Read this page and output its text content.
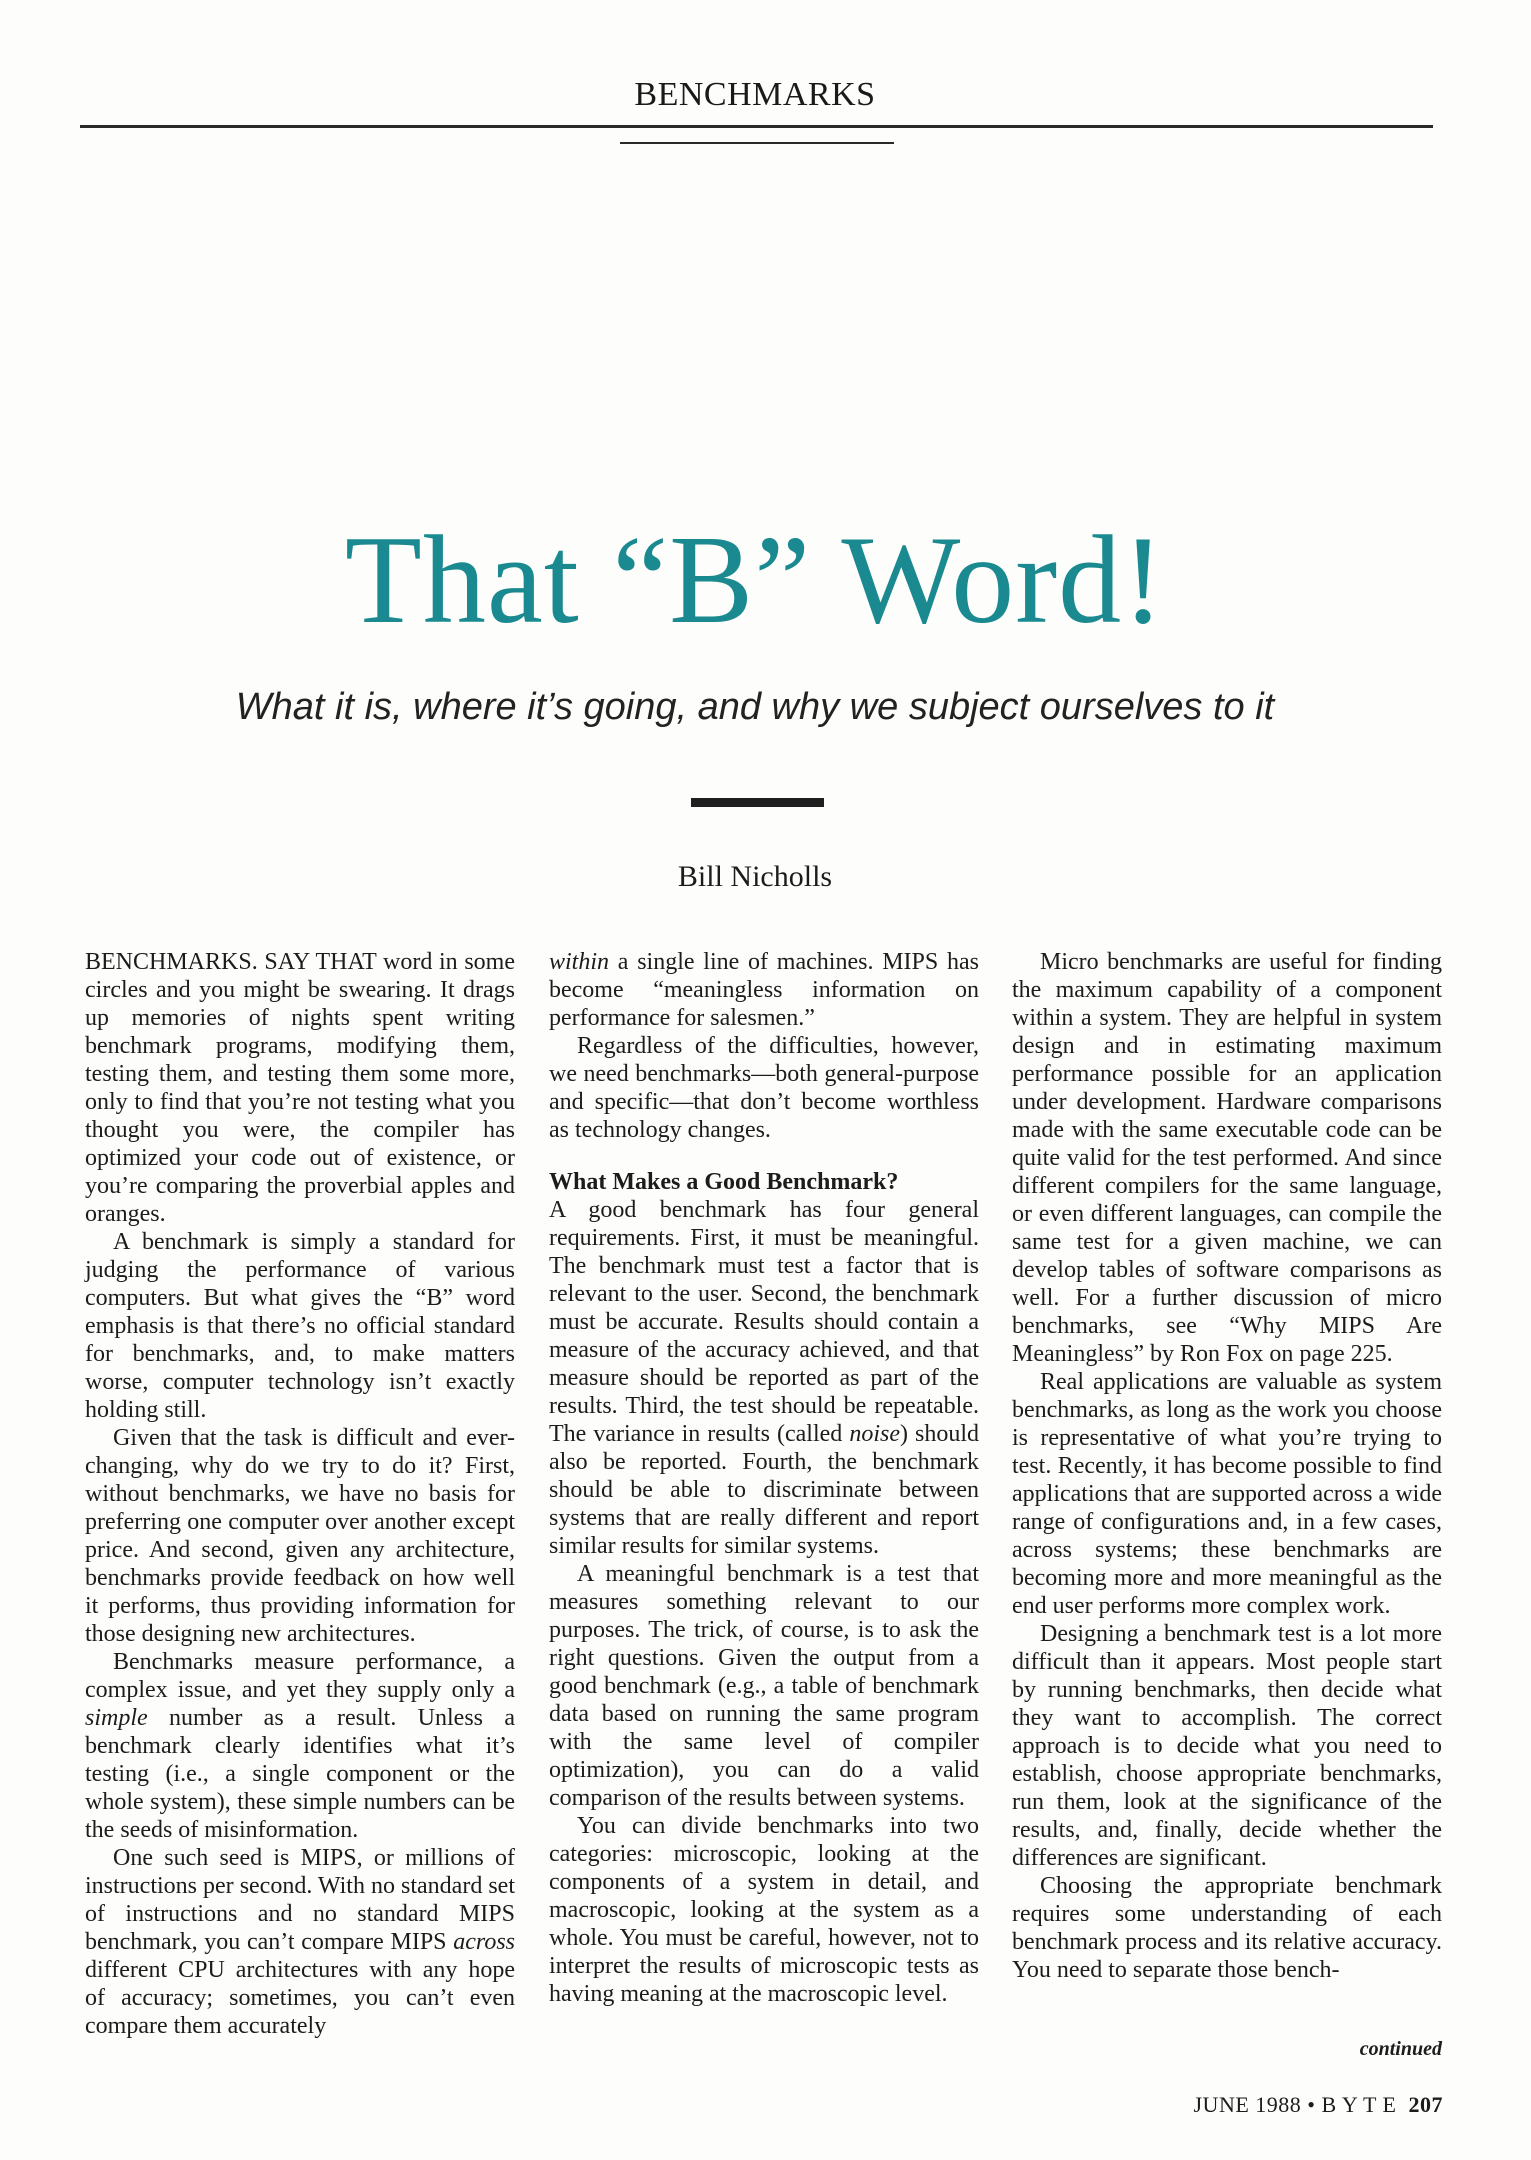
BENCHMARKS
That “B” Word!
What it is, where it’s going, and why we subject ourselves to it
Bill Nicholls

BENCHMARKS. SAY THAT word in some circles and you might be swearing. It drags up memories of nights spent writing benchmark programs, modifying them, testing them, and testing them some more, only to find that you’re not testing what you thought you were, the compiler has optimized your code out of existence, or you’re comparing the proverbial apples and oranges.

A benchmark is simply a standard for judging the performance of various computers. But what gives the “B” word emphasis is that there’s no official standard for benchmarks, and, to make matters worse, computer technology isn’t exactly holding still.

Given that the task is difficult and ever-changing, why do we try to do it? First, without benchmarks, we have no basis for preferring one computer over another except price. And second, given any architecture, benchmarks provide feedback on how well it performs, thus providing information for those designing new architectures.

Benchmarks measure performance, a complex issue, and yet they supply only a simple number as a result. Unless a benchmark clearly identifies what it’s testing (i.e., a single component or the whole system), these simple numbers can be the seeds of misinformation.

One such seed is MIPS, or millions of instructions per second. With no standard set of instructions and no standard MIPS benchmark, you can’t compare MIPS across different CPU architectures with any hope of accuracy; sometimes, you can’t even compare them accurately

within a single line of machines. MIPS has become “meaningless information on performance for salesmen.”

Regardless of the difficulties, however, we need benchmarks—both general-purpose and specific—that don’t become worthless as technology changes.

What Makes a Good Benchmark?

A good benchmark has four general requirements. First, it must be meaningful. The benchmark must test a factor that is relevant to the user. Second, the benchmark must be accurate. Results should contain a measure of the accuracy achieved, and that measure should be reported as part of the results. Third, the test should be repeatable. The variance in results (called noise) should also be reported. Fourth, the benchmark should be able to discriminate between systems that are really different and report similar results for similar systems.

A meaningful benchmark is a test that measures something relevant to our purposes. The trick, of course, is to ask the right questions. Given the output from a good benchmark (e.g., a table of benchmark data based on running the same program with the same level of compiler optimization), you can do a valid comparison of the results between systems.

You can divide benchmarks into two categories: microscopic, looking at the components of a system in detail, and macroscopic, looking at the system as a whole. You must be careful, however, not to interpret the results of microscopic tests as having meaning at the macroscopic level.

Micro benchmarks are useful for finding the maximum capability of a component within a system. They are helpful in system design and in estimating maximum performance possible for an application under development. Hardware comparisons made with the same executable code can be quite valid for the test performed. And since different compilers for the same language, or even different languages, can compile the same test for a given machine, we can develop tables of software comparisons as well. For a further discussion of micro benchmarks, see “Why MIPS Are Meaningless” by Ron Fox on page 225.

Real applications are valuable as system benchmarks, as long as the work you choose is representative of what you’re trying to test. Recently, it has become possible to find applications that are supported across a wide range of configurations and, in a few cases, across systems; these benchmarks are becoming more and more meaningful as the end user performs more complex work.

Designing a benchmark test is a lot more difficult than it appears. Most people start by running benchmarks, then decide what they want to accomplish. The correct approach is to decide what you need to establish, choose appropriate benchmarks, run them, look at the significance of the results, and, finally, decide whether the differences are significant.

Choosing the appropriate benchmark requires some understanding of each benchmark process and its relative accuracy. You need to separate those bench-

continued
JUNE 1988 • B Y T E 207
